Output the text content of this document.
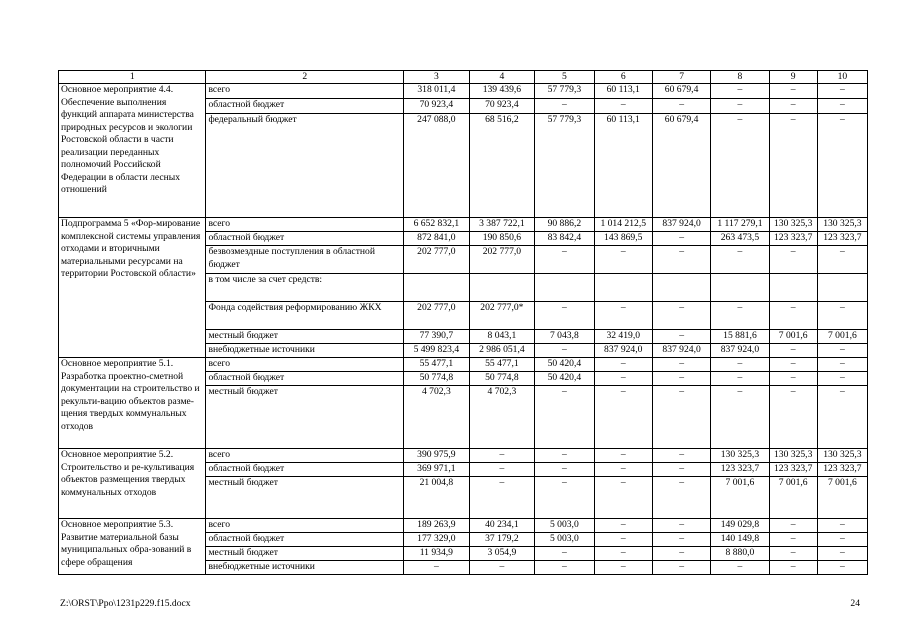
1	2	3	4	5	6	7	8	9	10
Основное мероприятие 4.4. Обеспечение выполнения функций аппарата министерства природных ресурсов и экологии Ростовской области в части реализации переданных полномочий Российской Федерации в области лесных отношений	всего	318 011,4	139 439,6	57 779,3	60 113,1	60 679,4	–	–	–
	областной бюджет	70 923,4	70 923,4	–	–	–	–	–	–
	федеральный бюджет	247 088,0	68 516,2	57 779,3	60 113,1	60 679,4	–	–	–
Подпрограмма 5 «Фор-мирование комплексной системы управления отходами и вторичными материальными ресурсами на территории Ростовской области»	всего	6 652 832,1	3 387 722,1	90 886,2	1 014 212,5	837 924,0	1 117 279,1	130 325,3	130 325,3
	областной бюджет	872 841,0	190 850,6	83 842,4	143 869,5	–	263 473,5	123 323,7	123 323,7
	безвозмездные поступления в областной бюджет	202 777,0	202 777,0	–	–	–	–	–	–
	в том числе за счет средств:								
	Фонда содействия реформированию ЖКХ	202 777,0	202 777,0*	–	–	–	–	–	–
	местный бюджет	77 390,7	8 043,1	7 043,8	32 419,0	–	15 881,6	7 001,6	7 001,6
	внебюджетные источники	5 499 823,4	2 986 051,4	–	837 924,0	837 924,0	837 924,0	–	–
Основное мероприятие 5.1. Разработка проектно-сметной документации на строительство и рекульти-вацию объектов разме-щения твердых коммунальных отходов	всего	55 477,1	55 477,1	50 420,4	–	–	–	–	–
	областной бюджет	50 774,8	50 774,8	50 420,4	–	–	–	–	–
	местный бюджет	4 702,3	4 702,3	–	–	–	–	–	–
Основное мероприятие 5.2. Строительство и ре-культивация объектов размещения твердых коммунальных отходов	всего	390 975,9	–	–	–	–	130 325,3	130 325,3	130 325,3
	областной бюджет	369 971,1	–	–	–	–	123 323,7	123 323,7	123 323,7
	местный бюджет	21 004,8	–	–	–	–	7 001,6	7 001,6	7 001,6
Основное мероприятие 5.3. Развитие материальной базы муниципальных обра-зований в сфере обращения	всего	189 263,9	40 234,1	5 003,0	–	–	149 029,8	–	–
	областной бюджет	177 329,0	37 179,2	5 003,0	–	–	140 149,8	–	–
	местный бюджет	11 934,9	3 054,9	–	–	–	8 880,0	–	–
	внебюджетные источники	–	–	–	–	–	–	–	–
Z:\ORST\Ppo\1231p229.f15.docx	24
